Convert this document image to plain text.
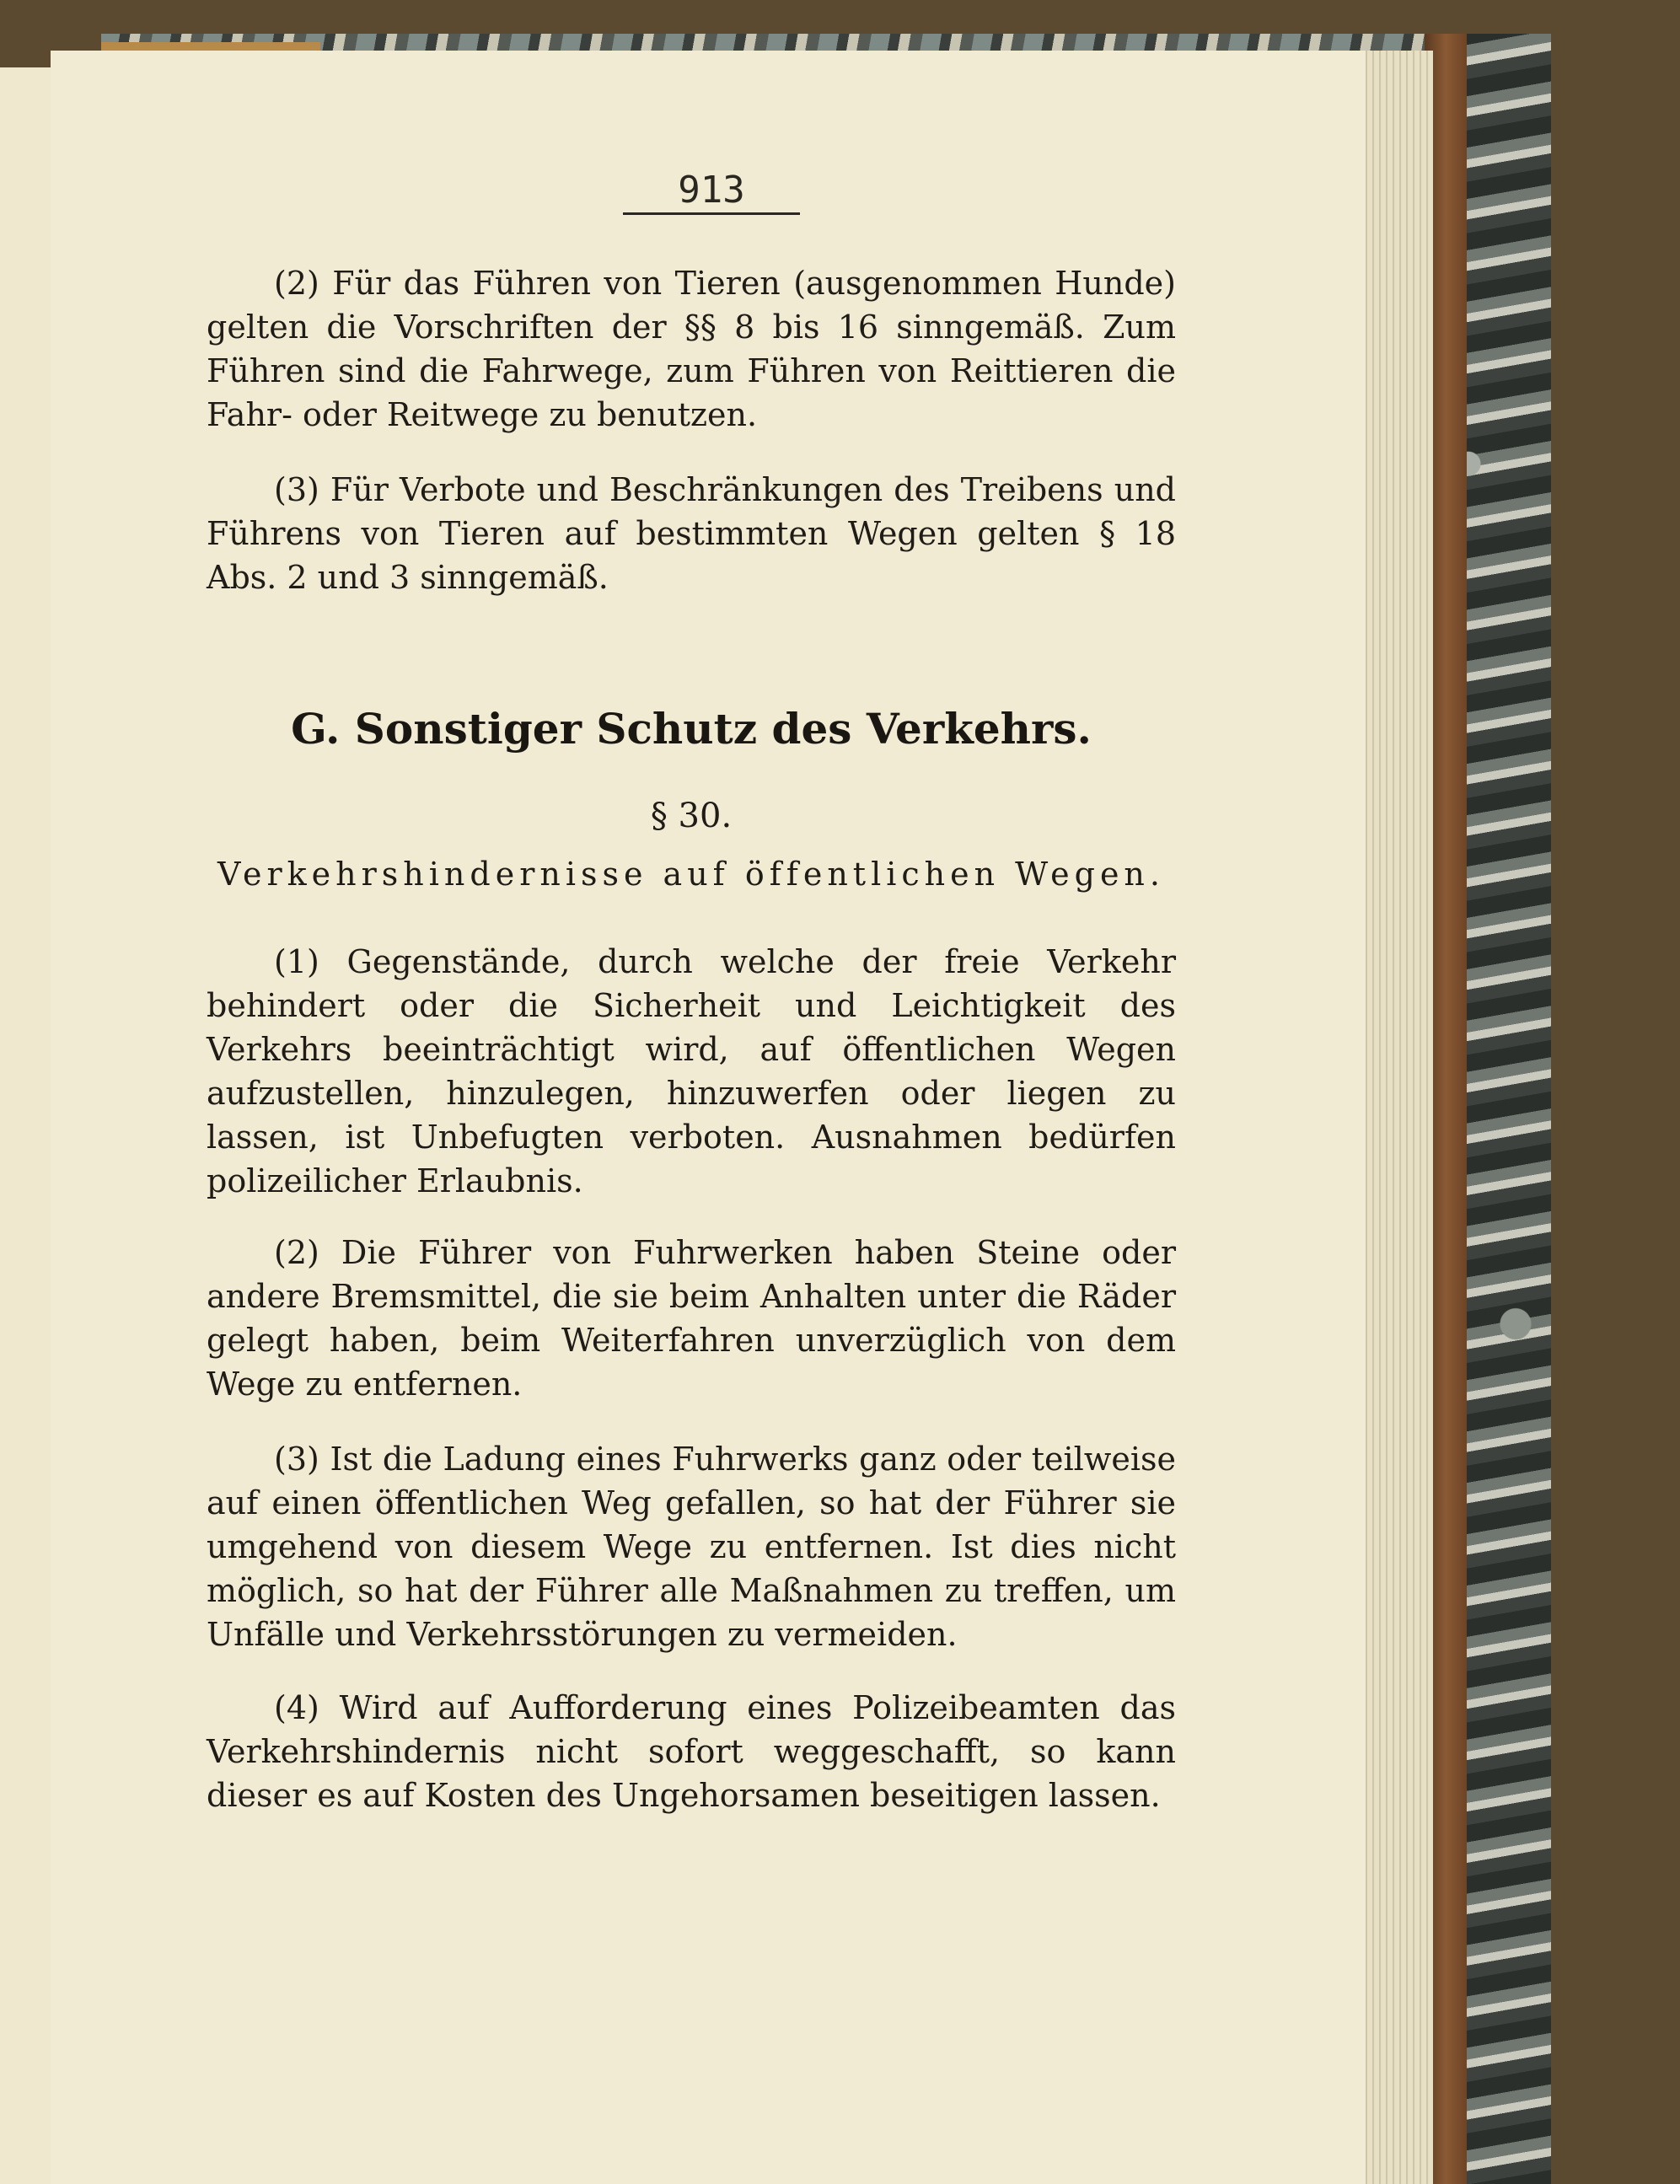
913
(2) Für das Führen von Tieren (ausgenommen Hunde) gelten die Vorschriften der §§ 8 bis 16 sinngemäß. Zum Führen sind die Fahrwege, zum Führen von Reittieren die Fahr- oder Reitwege zu benutzen.
(3) Für Verbote und Beschränkungen des Treibens und Führens von Tieren auf bestimmten Wegen gelten § 18 Abs. 2 und 3 sinngemäß.
G. Sonstiger Schutz des Verkehrs.
§ 30.
Verkehrshindernisse auf öffentlichen Wegen.
(1) Gegenstände, durch welche der freie Verkehr behindert oder die Sicherheit und Leichtigkeit des Verkehrs beeinträchtigt wird, auf öffentlichen Wegen aufzustellen, hinzulegen, hinzuwerfen oder liegen zu lassen, ist Unbefugten verboten. Ausnahmen bedürfen polizeilicher Erlaubnis.
(2) Die Führer von Fuhrwerken haben Steine oder andere Bremsmittel, die sie beim Anhalten unter die Räder gelegt haben, beim Weiterfahren unverzüglich von dem Wege zu entfernen.
(3) Ist die Ladung eines Fuhrwerks ganz oder teilweise auf einen öffentlichen Weg gefallen, so hat der Führer sie umgehend von diesem Wege zu entfernen. Ist dies nicht möglich, so hat der Führer alle Maßnahmen zu treffen, um Unfälle und Verkehrsstörungen zu vermeiden.
(4) Wird auf Aufforderung eines Polizeibeamten das Verkehrshindernis nicht sofort weggeschafft, so kann dieser es auf Kosten des Ungehorsamen beseitigen lassen.
